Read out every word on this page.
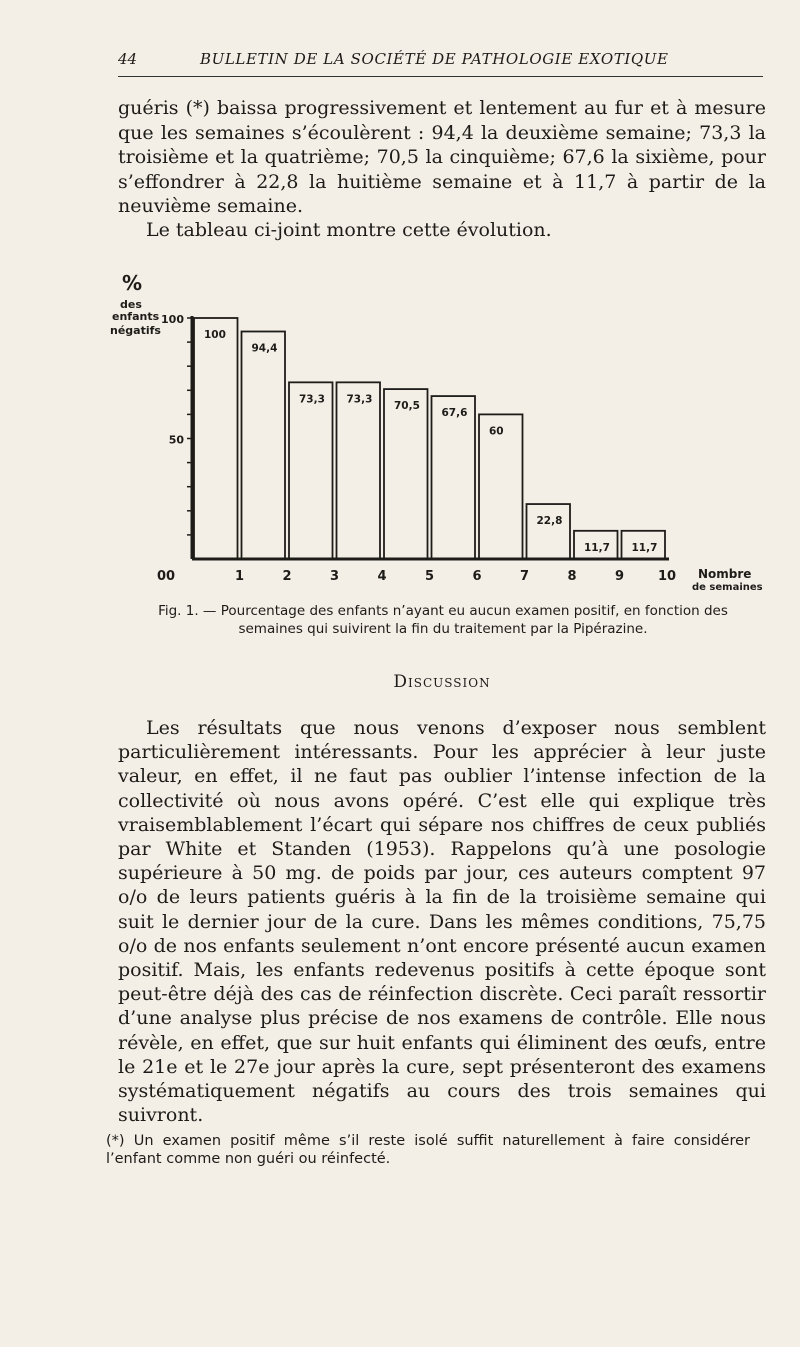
44	BULLETIN DE LA SOCIÉTÉ DE PATHOLOGIE EXOTIQUE

guéris (*) baissa progressivement et lentement au fur et à mesure que les semaines s’écoulèrent : 94,4 la deuxième semaine; 73,3 la troisième et la quatrième; 70,5 la cinquième; 67,6 la sixième, pour s’effondrer à 22,8 la huitième semaine et à 11,7 à partir de la neuvième semaine.

Le tableau ci-joint montre cette évolution.

%
des
enfants
négatifs
Nombre
de semaines
0
50
100
100
94,4
73,3 73,3
70,5
67,6
60
22,8
11,7 11,7
0	1	2	3	4	5	6	7	8	9	10

Fig. 1. — Pourcentage des enfants n’ayant eu aucun examen positif, en fonction des semaines qui suivirent la fin du traitement par la Pipérazine.

Discussion

Les résultats que nous venons d’exposer nous semblent particulièrement intéressants. Pour les apprécier à leur juste valeur, en effet, il ne faut pas oublier l’intense infection de la collectivité où nous avons opéré. C’est elle qui explique très vraisemblablement l’écart qui sépare nos chiffres de ceux publiés par White et Standen (1953). Rappelons qu’à une posologie supérieure à 50 mg. de poids par jour, ces auteurs comptent 97 o/o de leurs patients guéris à la fin de la troisième semaine qui suit le dernier jour de la cure. Dans les mêmes conditions, 75,75 o/o de nos enfants seulement n’ont encore présenté aucun examen positif. Mais, les enfants redevenus positifs à cette époque sont peut-être déjà des cas de réinfection discrète. Ceci paraît ressortir d’une analyse plus précise de nos examens de contrôle. Elle nous révèle, en effet, que sur huit enfants qui éliminent des œufs, entre le 21e et le 27e jour après la cure, sept présenteront des examens systématiquement négatifs au cours des trois semaines qui suivront.

(*) Un examen positif même s’il reste isolé suffit naturellement à faire considérer l’enfant comme non guéri ou réinfecté.
